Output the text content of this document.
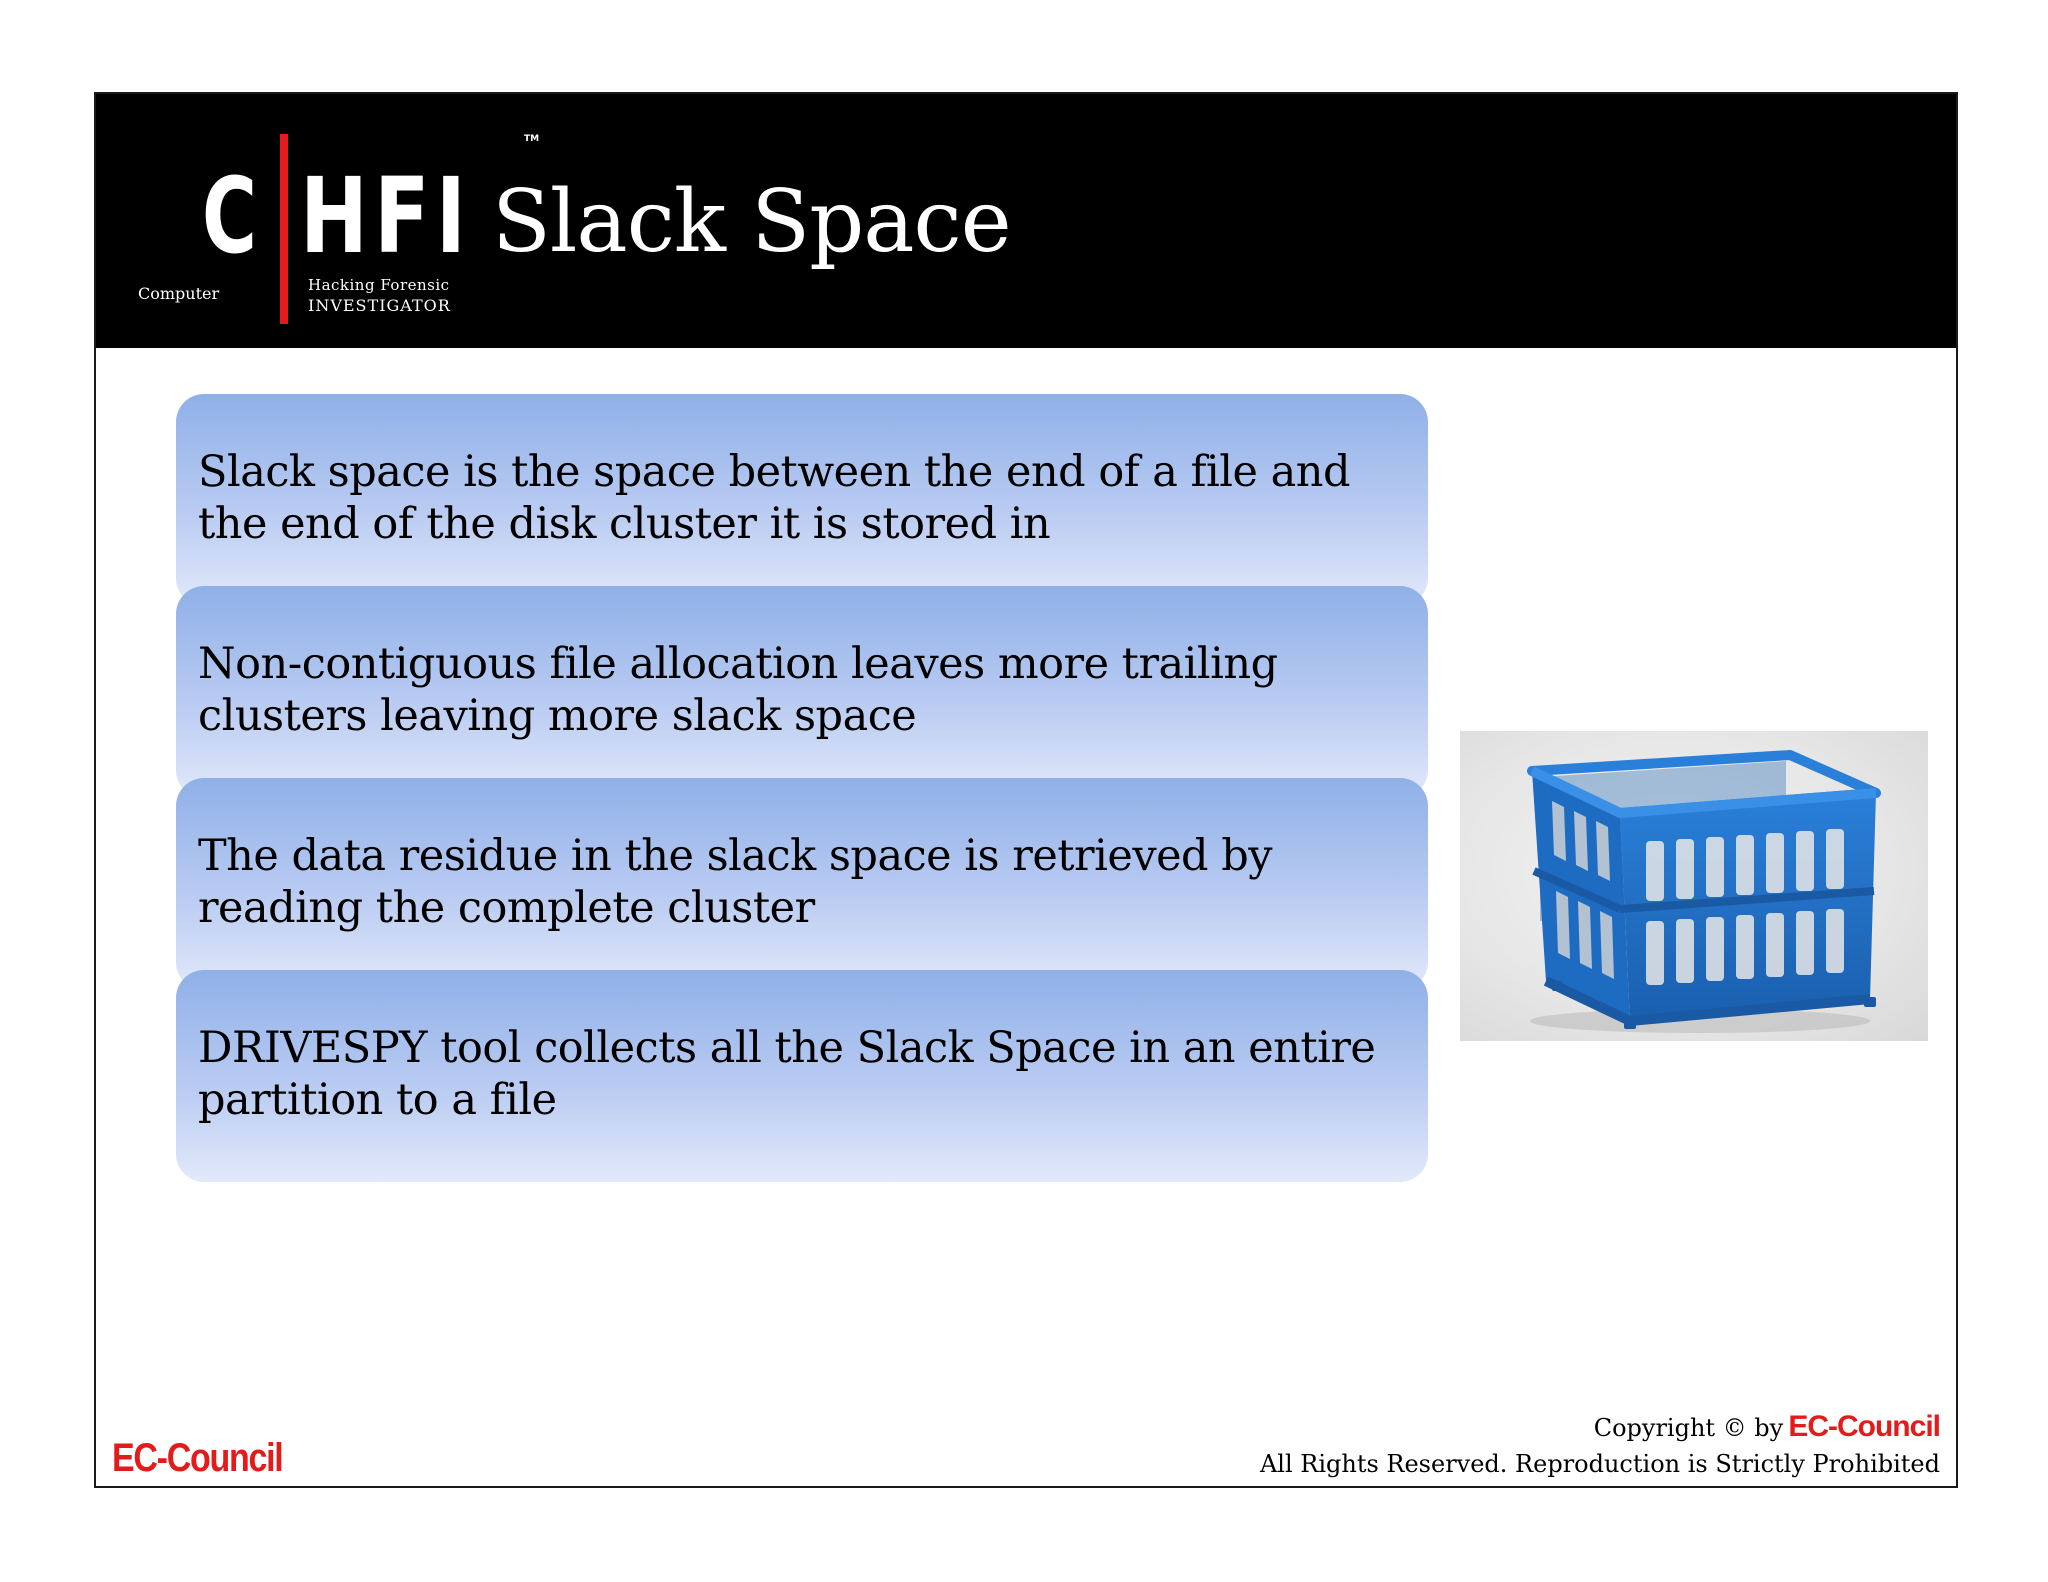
C HFI
TM
Computer	Hacking Forensic
INVESTIGATOR
Slack Space
Slack space is the space between the end of a file and the end of the disk cluster it is stored in
Non-contiguous file allocation leaves more trailing clusters leaving more slack space
The data residue in the slack space is retrieved by reading the complete cluster
DRIVESPY tool collects all the Slack Space in an entire partition to a file
EC-Council
Copyright © by EC-Council
All Rights Reserved. Reproduction is Strictly Prohibited
